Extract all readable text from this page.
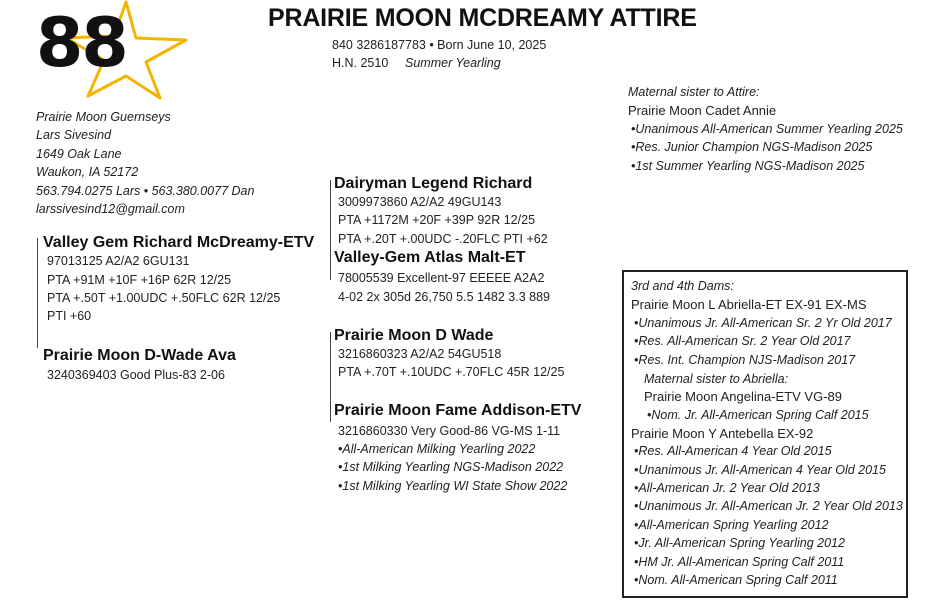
88	PRAIRIE MOON MCDREAMY ATTIRE
840 3286187783 • Born June 10, 2025
H.N. 2510 Summer Yearling
Prairie Moon Guernseys
Lars Sivesind
1649 Oak Lane
Waukon, IA 52172
563.794.0275 Lars • 563.380.0077 Dan
larssivesind12@gmail.com
Valley Gem Richard McDreamy-ETV
97013125 A2/A2 6GU131
PTA +91M +10F +16P 62R 12/25
PTA +.50T +1.00UDC +.50FLC 62R 12/25
PTI +60
Prairie Moon D-Wade Ava
3240369403 Good Plus-83 2-06
Dairyman Legend Richard
3009973860 A2/A2 49GU143
PTA +1172M +20F +39P 92R 12/25
PTA +.20T +.00UDC -.20FLC PTI +62
Valley-Gem Atlas Malt-ET
78005539 Excellent-97 EEEEE A2A2
4-02 2x 305d 26,750 5.5 1482 3.3 889
Prairie Moon D Wade
3216860323 A2/A2 54GU518
PTA +.70T +.10UDC +.70FLC 45R 12/25
Prairie Moon Fame Addison-ETV
3216860330 Very Good-86 VG-MS 1-11
•All-American Milking Yearling 2022
•1st Milking Yearling NGS-Madison 2022
•1st Milking Yearling WI State Show 2022
Maternal sister to Attire:
Prairie Moon Cadet Annie
•Unanimous All-American Summer Yearling 2025
•Res. Junior Champion NGS-Madison 2025
•1st Summer Yearling NGS-Madison 2025
3rd and 4th Dams:
Prairie Moon L Abriella-ET EX-91 EX-MS
•Unanimous Jr. All-American Sr. 2 Yr Old 2017
•Res. All-American Sr. 2 Year Old 2017
•Res. Int. Champion NJS-Madison 2017
Maternal sister to Abriella:
Prairie Moon Angelina-ETV VG-89
•Nom. Jr. All-American Spring Calf 2015
Prairie Moon Y Antebella EX-92
•Res. All-American 4 Year Old 2015
•Unanimous Jr. All-American 4 Year Old 2015
•All-American Jr. 2 Year Old 2013
•Unanimous Jr. All-American Jr. 2 Year Old 2013
•All-American Spring Yearling 2012
•Jr. All-American Spring Yearling 2012
•HM Jr. All-American Spring Calf 2011
•Nom. All-American Spring Calf 2011
